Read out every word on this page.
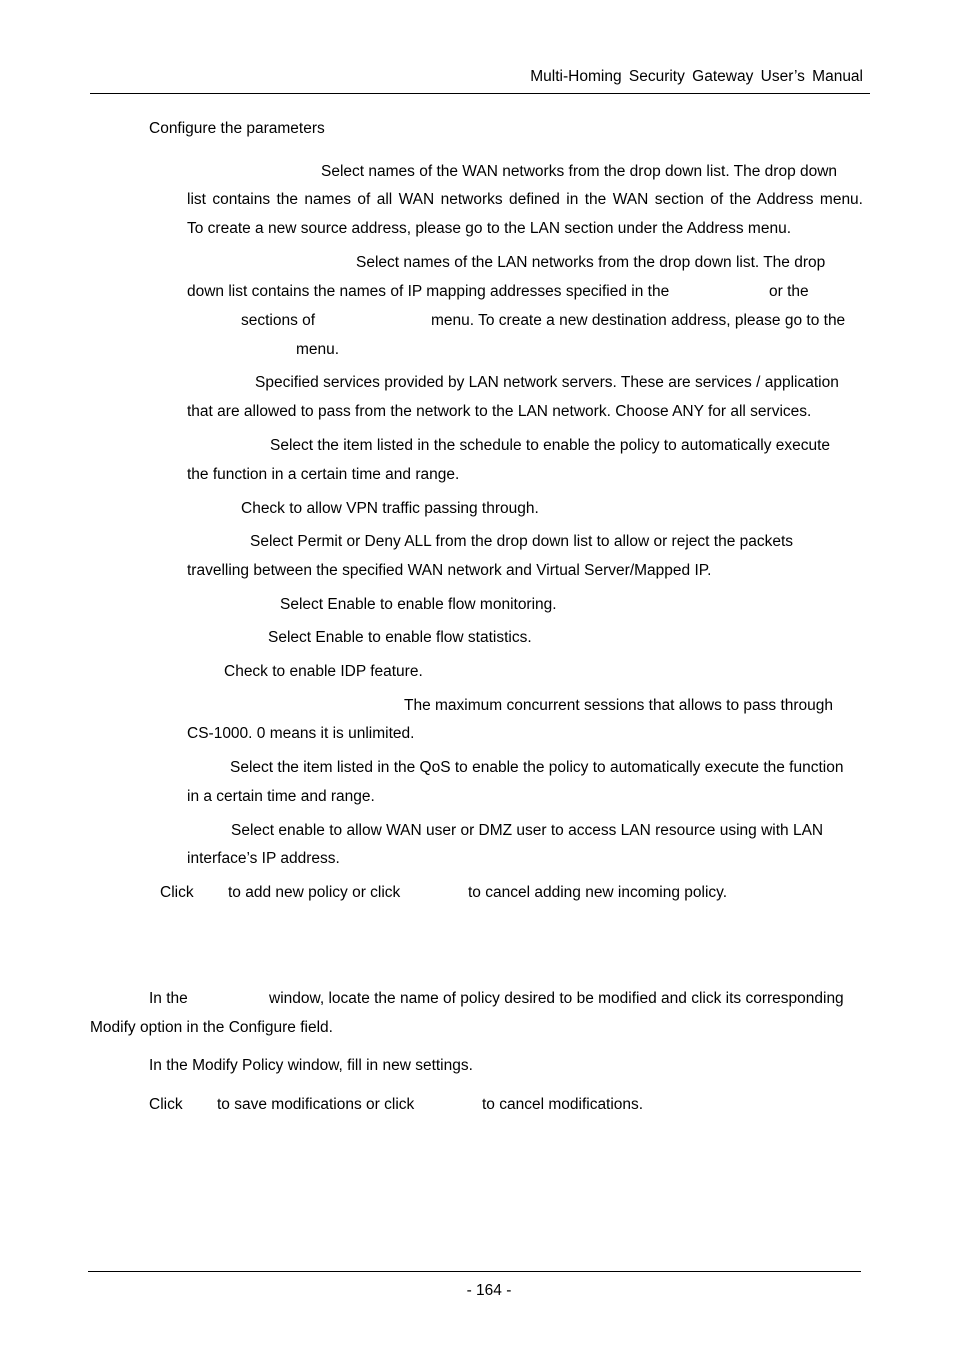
Multi-Homing Security Gateway User’s Manual
Configure the parameters
Select names of the WAN networks from the drop down list. The drop down
list contains the names of all WAN networks defined in the WAN section of the Address menu.
To create a new source address, please go to the LAN section under the Address menu.
Select names of the LAN networks from the drop down list. The drop
down list contains the names of IP mapping addresses specified in the	or the
sections of	menu. To create a new destination address, please go to the
menu.
Specified services provided by LAN network servers. These are services / application
that are allowed to pass from the network to the LAN network. Choose ANY for all services.
Select the item listed in the schedule to enable the policy to automatically execute
the function in a certain time and range.
Check to allow VPN traffic passing through.
Select Permit or Deny ALL from the drop down list to allow or reject the packets
travelling between the specified WAN network and Virtual Server/Mapped IP.
Select Enable to enable flow monitoring.
Select Enable to enable flow statistics.
Check to enable IDP feature.
The maximum concurrent sessions that allows to pass through
CS-1000. 0 means it is unlimited.
Select the item listed in the QoS to enable the policy to automatically execute the function
in a certain time and range.
Select enable to allow WAN user or DMZ user to access LAN resource using with LAN
interface’s IP address.
Click to add new policy or click	to cancel adding new incoming policy.
In the	window, locate the name of policy desired to be modified and click its corresponding
Modify option in the Configure field.
In the Modify Policy window, fill in new settings.
Click to save modifications or click	to cancel modifications.
- 164 -
